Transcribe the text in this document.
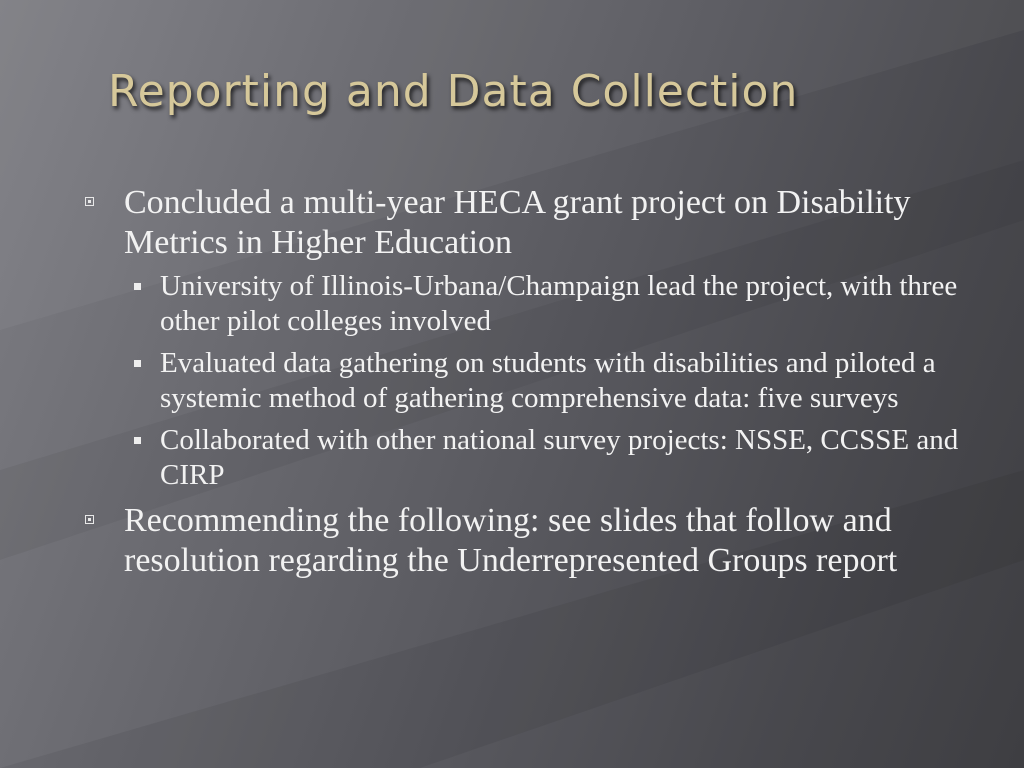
Reporting and Data Collection
Concluded a multi-year HECA grant project on Disability Metrics in Higher Education
University of Illinois-Urbana/Champaign lead the project, with three other pilot colleges involved
Evaluated data gathering on students with disabilities and piloted a systemic method of gathering comprehensive data: five surveys
Collaborated with other national survey projects: NSSE, CCSSE and CIRP
Recommending the following: see slides that follow and resolution regarding the Underrepresented Groups report
